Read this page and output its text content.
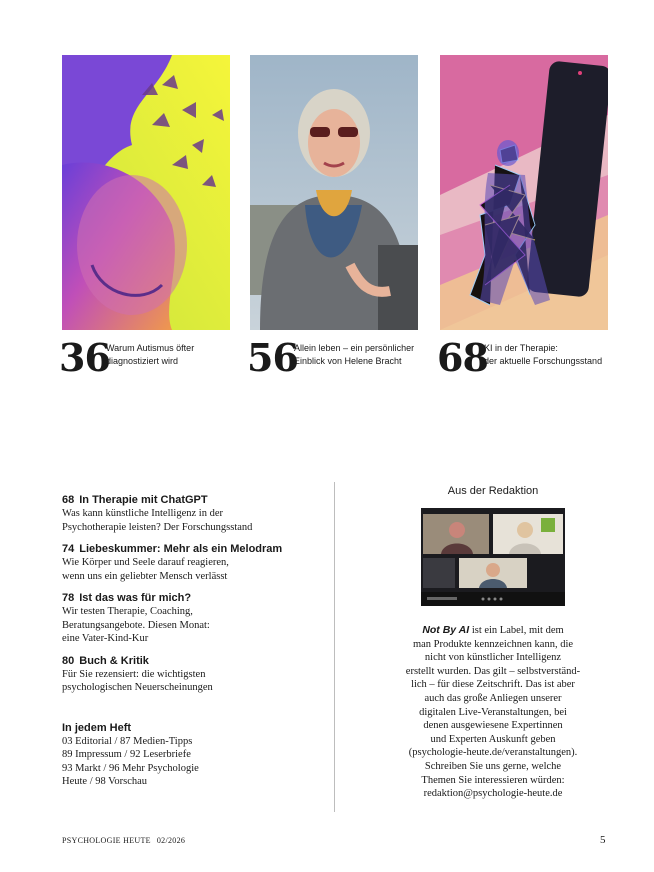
36
Warum Autismus öfter
diagnostiziert wird	56
Allein leben – ein persönlicher
Einblick von Helene Bracht 68
KI in der Therapie:
der aktuelle Forschungsstand
68 In Therapie mit ChatGPT
Was kann künstliche Intelligenz in der
Psychotherapie leisten? Der Forschungsstand
74 Liebeskummer: Mehr als ein Melodram
Wie Körper und Seele darauf reagieren,
wenn uns ein geliebter Mensch verlässt
78 Ist das was für mich?
Wir testen Therapie, Coaching,
Beratungsangebote. Diesen Monat:
eine Vater-Kind-Kur
80 Buch & Kritik
Für Sie rezensiert: die wichtigsten
psychologischen Neuerscheinungen
In jedem Heft
03 Editorial / 87 Medien-Tipps
89 Impressum / 92 Leserbriefe
93 Markt / 96 Mehr Psychologie
Heute / 98 Vorschau
Aus der Redaktion
Not By AI ist ein Label, mit dem
man Produkte kennzeichnen kann, die
nicht von künstlicher Intelligenz
erstellt wurden. Das gilt – selbstverständ-
lich – für diese Zeitschrift. Das ist aber
auch das große Anliegen unserer
digitalen Live-Veranstaltungen, bei
denen ausgewiesene Expertinnen
und Experten Auskunft geben
(psychologie-heute.de/veranstaltungen).
Schreiben Sie uns gerne, welche
Themen Sie interessieren würden:
redaktion@psychologie-heute.de
PSYCHOLOGIE HEUTE 02/2026	5
